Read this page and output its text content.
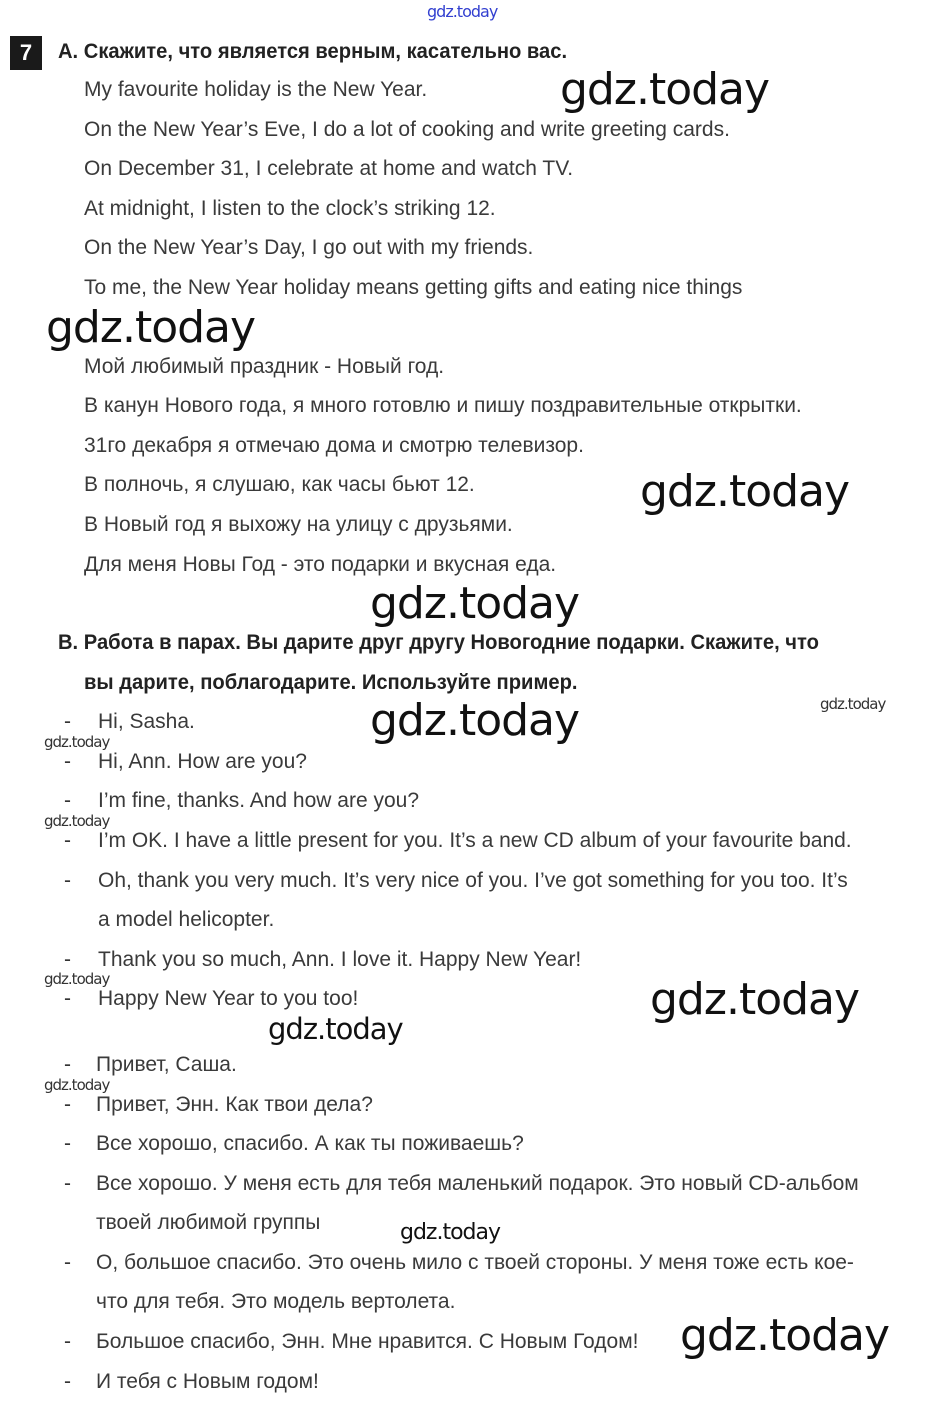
7	А. Скажите, что является верным, касательно вас.
My favourite holiday is the New Year.
On the New Year’s Eve, I do a lot of cooking and write greeting cards.
On December 31, I celebrate at home and watch TV.
At midnight, I listen to the clock’s striking 12.
On the New Year’s Day, I go out with my friends.
To me, the New Year holiday means getting gifts and eating nice things
Мой любимый праздник - Новый год.
В канун Нового года, я много готовлю и пишу поздравительные открытки.
31го декабря я отмечаю дома и смотрю телевизор.
В полночь, я слушаю, как часы бьют 12.
В Новый год я выхожу на улицу с друзьями.
Для меня Новы Год - это подарки и вкусная еда.
B. Работа в парах. Вы дарите друг другу Новогодние подарки. Скажите, что
вы дарите, поблагодарите. Используйте пример.
- Hi, Sasha.
- Hi, Ann. How are you?
- I’m fine, thanks. And how are you?
- I’m OK. I have a little present for you. It’s a new CD album of your favourite band.
- Oh, thank you very much. It’s very nice of you. I’ve got something for you too. It’s
a model helicopter.
- Thank you so much, Ann. I love it. Happy New Year!
- Happy New Year to you too!
- Привет, Саша.
- Привет, Энн. Как твои дела?
- Все хорошо, спасибо. А как ты поживаешь?
- Все хорошо. У меня есть для тебя маленький подарок. Это новый CD-альбом
твоей любимой группы
- О, большое спасибо. Это очень мило с твоей стороны. У меня тоже есть кое-
что для тебя. Это модель вертолета.
- Большое спасибо, Энн. Мне нравится. С Новым Годом!
- И тебя с Новым годом!
gdz.today
gdz.today
gdz.today
gdz.today
gdz.today
gdz.today
gdz.today
gdz.today
gdz.today
gdz.today
gdz.today
gdz.today
gdz.today
gdz.today
gdz.today
